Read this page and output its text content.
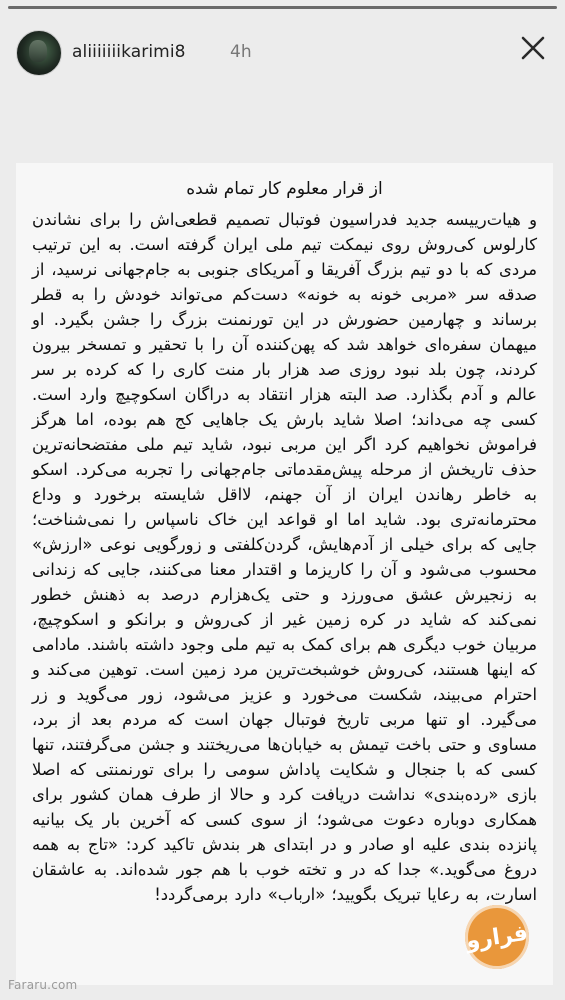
aliiiiiiikarimi8	4h
از قرار معلوم کار تمام شده
و هیات‌رییسه جدید فدراسیون فوتبال تصمیم قطعی‌اش را برای نشاندن کارلوس کی‌روش روی نیمکت تیم ملی ایران گرفته است. به این ترتیب مردی که با دو تیم بزرگ آفریقا و آمریکای جنوبی به جام‌جهانی نرسید، از صدقه سر «مربی خونه به خونه» دست‌کم می‌تواند خودش را به قطر برساند و چهارمین حضورش در این تورنمنت بزرگ را جشن بگیرد. او میهمان سفره‌ای خواهد شد که پهن‌کننده آن را با تحقیر و تمسخر بیرون کردند، چون بلد نبود روزی صد هزار بار منت کاری را که کرده بر سر عالم و آدم بگذارد. صد البته هزار انتقاد به دراگان اسکوچیچ وارد است. کسی چه می‌داند؛ اصلا شاید بارش یک جاهایی کج هم بوده، اما هرگز فراموش نخواهیم کرد اگر این مربی نبود، شاید تیم ملی مفتضحانه‌ترین حذف تاریخش از مرحله پیش‌مقدماتی جام‌جهانی را تجربه می‌کرد. اسکو به خاطر رهاندن ایران از آن جهنم، لااقل شایسته برخورد و وداع محترمانه‌تری بود. شاید اما او قواعد این خاک ناسپاس را نمی‌شناخت؛ جایی که برای خیلی از آدم‌هایش، گردن‌کلفتی و زورگویی نوعی «ارزش» محسوب می‌شود و آن را کاریزما و اقتدار معنا می‌کنند، جایی که زندانی به زنجیرش عشق می‌ورزد و حتی یک‌هزارم درصد به ذهنش خطور نمی‌کند که شاید در کره زمین غیر از کی‌روش و برانکو و اسکوچیچ، مربیان خوب دیگری هم برای کمک به تیم ملی وجود داشته باشند. مادامی که اینها هستند، کی‌روش خوشبخت‌ترین مرد زمین است. توهین می‌کند و احترام می‌بیند، شکست می‌خورد و عزیز می‌شود، زور می‌گوید و زر می‌گیرد. او تنها مربی تاریخ فوتبال جهان است که مردم بعد از برد، مساوی و حتی باخت تیمش به خیابان‌ها می‌ریختند و جشن می‌گرفتند، تنها کسی که با جنجال و شکایت پاداش سومی را برای تورنمنتی که اصلا بازی «رده‌بندی» نداشت دریافت کرد و حالا از طرف همان کشور برای همکاری دوباره دعوت می‌شود؛ از سوی کسی که آخرین بار یک بیانیه پانزده بندی علیه او صادر و در ابتدای هر بندش تاکید کرد: «تاج به همه دروغ می‌گوید.» جدا که در و تخته خوب با هم جور شده‌اند. به عاشقان اسارت، به رعایا تبریک بگویید؛ «ارباب» دارد برمی‌گردد!
فرارو
Fararu.com
